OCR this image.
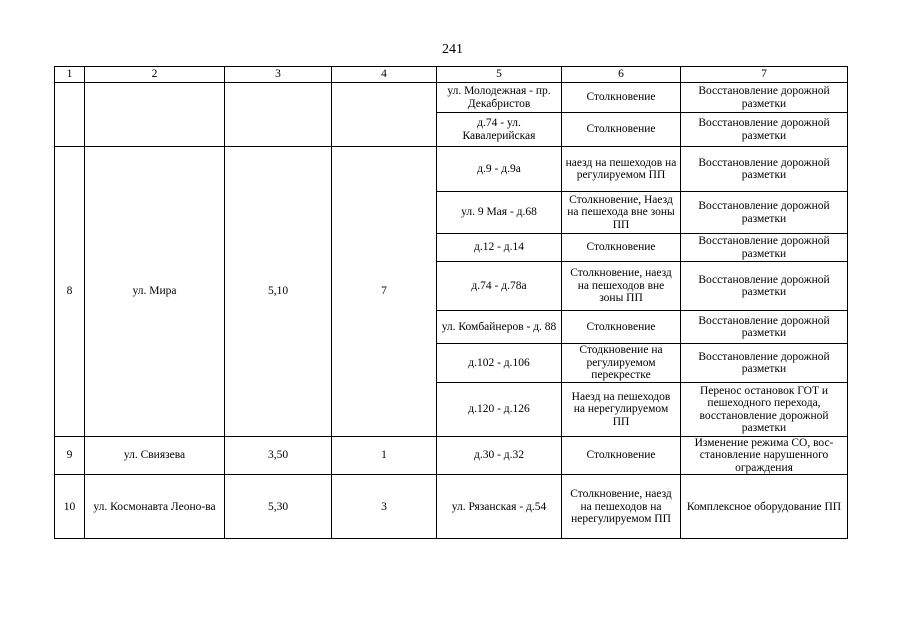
241
1	2	3	4	5	6	7
				ул. Молодежная - пр. Декабристов	Столкновение	Восстановление дорожной разметки
				д.74 - ул. Кавалерийская	Столкновение	Восстановление дорожной разметки
8	ул. Мира	5,10	7	д.9 - д.9а	наезд на пешеходов на регулируемом ПП	Восстановление дорожной разметки
				ул. 9 Мая - д.68	Столкновение, Наезд на пешехода вне зоны ПП	Восстановление дорожной разметки
				д.12 - д.14	Столкновение	Восстановление дорожной разметки
				д.74 - д.78а	Столкновение, наезд на пешеходов вне зоны ПП	Восстановление дорожной разметки
				ул. Комбайнеров - д. 88	Столкновение	Восстановление дорожной разметки
				д.102 - д.106	Стодкновение на регулируемом перекрестке	Восстановление дорожной разметки
				д.120 - д.126	Наезд на пешеходов на нерегулируемом ПП	Перенос остановок ГОТ и пешеходного перехода, восстановление дорожной разметки
9	ул. Свиязева	3,50	1	д.30 - д.32	Столкновение	Изменение режима СО, вос-становление нарушенного ограждения
10	ул. Космонавта Леоно-ва	5,30	3	ул. Рязанская - д.54	Столкновение, наезд на пешеходов на нерегулируемом ПП	Комплексное оборудование ПП
